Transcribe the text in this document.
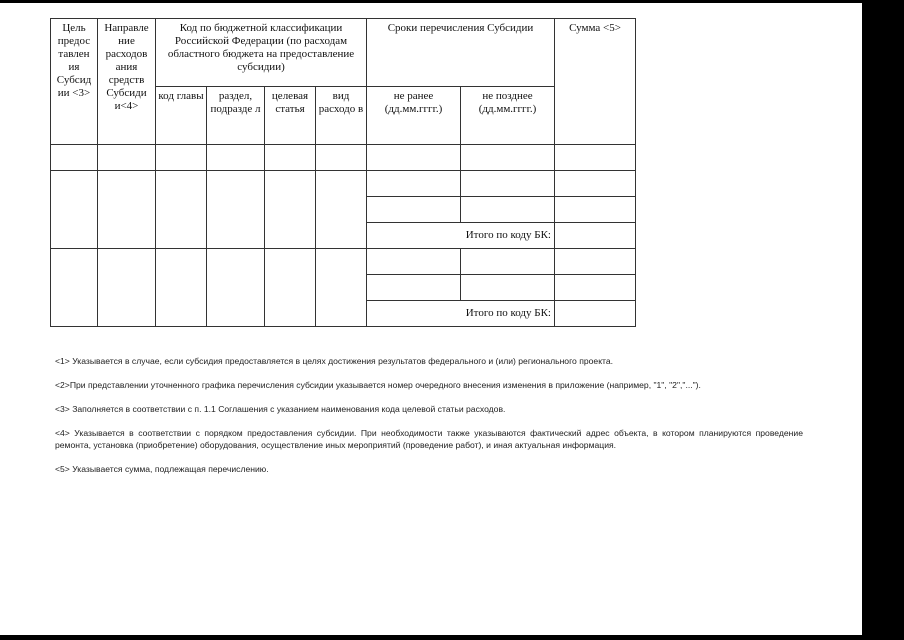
Цель предос тавлен ия Субсид ии <3>	Направле ние расходов ания средств Субсиди и<4>	Код по бюджетной классификации Российской Федерации (по расходам областного бюджета на предоставление субсидии)				Сроки перечисления Субсидии		Сумма <5>
		код главы	раздел, подразде л	целевая статья	вид расходо в	не ранее (дд.мм.гггг.)	не позднее (дд.мм.гггг.)	

						Итого по коду БК:		

						Итого по коду БК:		

<1> Указывается в случае, если субсидия предоставляется в целях достижения результатов федерального и (или) регионального проекта.

<2>При представлении уточненного графика перечисления субсидии указывается номер очередного внесения изменения в приложение (например, "1", "2","...").

<3> Заполняется в соответствии с п. 1.1 Соглашения с указанием наименования кода целевой статьи расходов.

<4> Указывается в соответствии с порядком предоставления субсидии. При необходимости также указываются фактический адрес объекта, в котором планируются проведение ремонта, установка (приобретение) оборудования, осуществление иных мероприятий (проведение работ), и иная актуальная информация.

<5> Указывается сумма, подлежащая перечислению.
